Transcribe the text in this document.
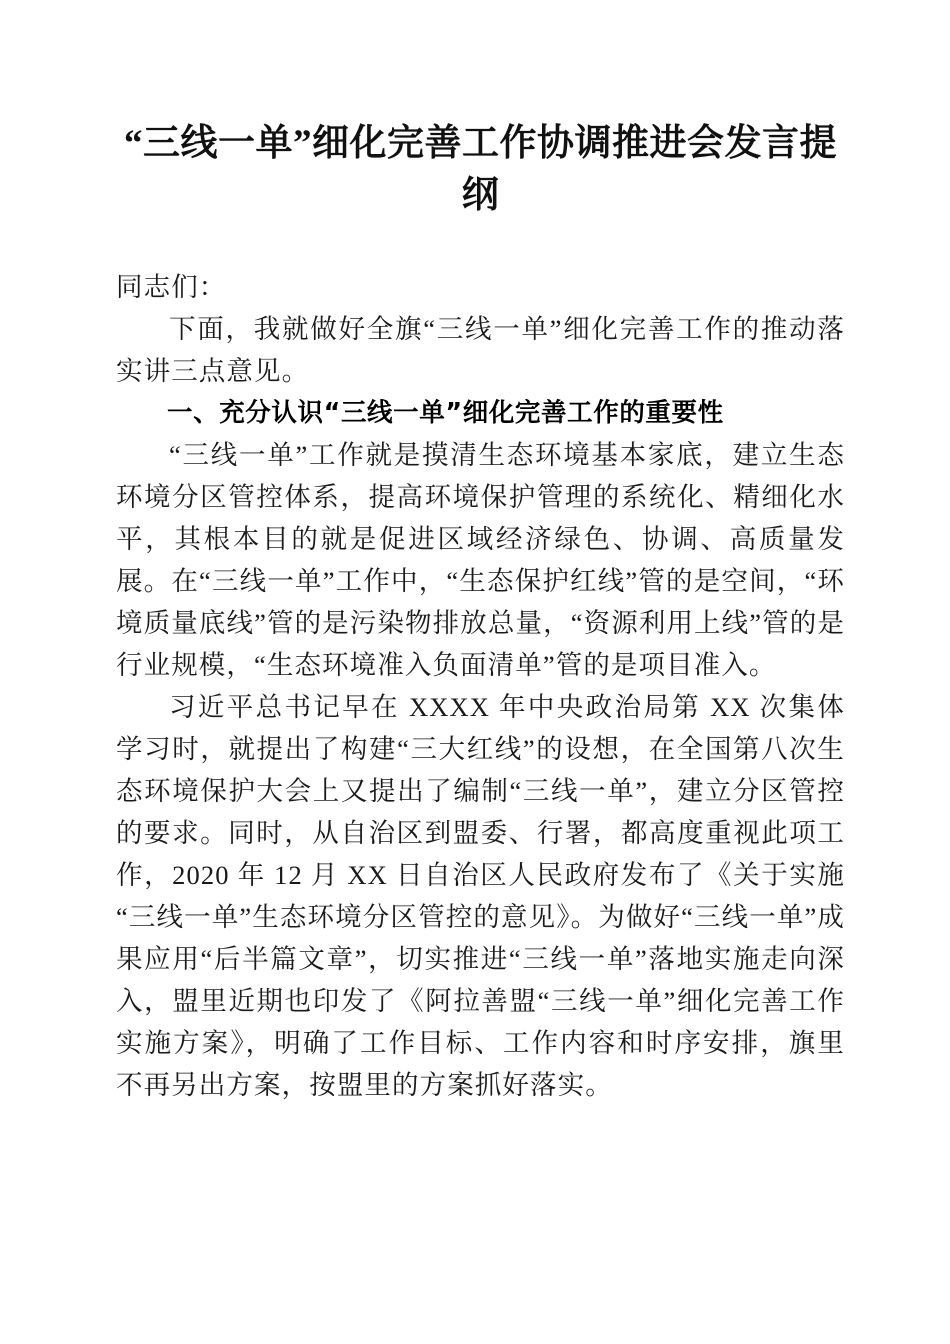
“三线一单”细化完善工作协调推进会发言提纲

同志们：

下面，我就做好全旗“三线一单”细化完善工作的推动落实讲三点意见。

一、充分认识“三线一单”细化完善工作的重要性

“三线一单”工作就是摸清生态环境基本家底，建立生态环境分区管控体系，提高环境保护管理的系统化、精细化水平，其根本目的就是促进区域经济绿色、协调、高质量发展。在“三线一单”工作中，“生态保护红线”管的是空间，“环境质量底线”管的是污染物排放总量，“资源利用上线”管的是行业规模，“生态环境准入负面清单”管的是项目准入。

习近平总书记早在 XXXX 年中央政治局第 XX 次集体学习时，就提出了构建“三大红线”的设想，在全国第八次生态环境保护大会上又提出了编制“三线一单”，建立分区管控的要求。同时，从自治区到盟委、行署，都高度重视此项工作，2020 年 12 月 XX 日自治区人民政府发布了《关于实施“三线一单”生态环境分区管控的意见》。为做好“三线一单”成果应用“后半篇文章”，切实推进“三线一单”落地实施走向深入，盟里近期也印发了《阿拉善盟“三线一单”细化完善工作实施方案》，明确了工作目标、工作内容和时序安排，旗里不再另出方案，按盟里的方案抓好落实。
